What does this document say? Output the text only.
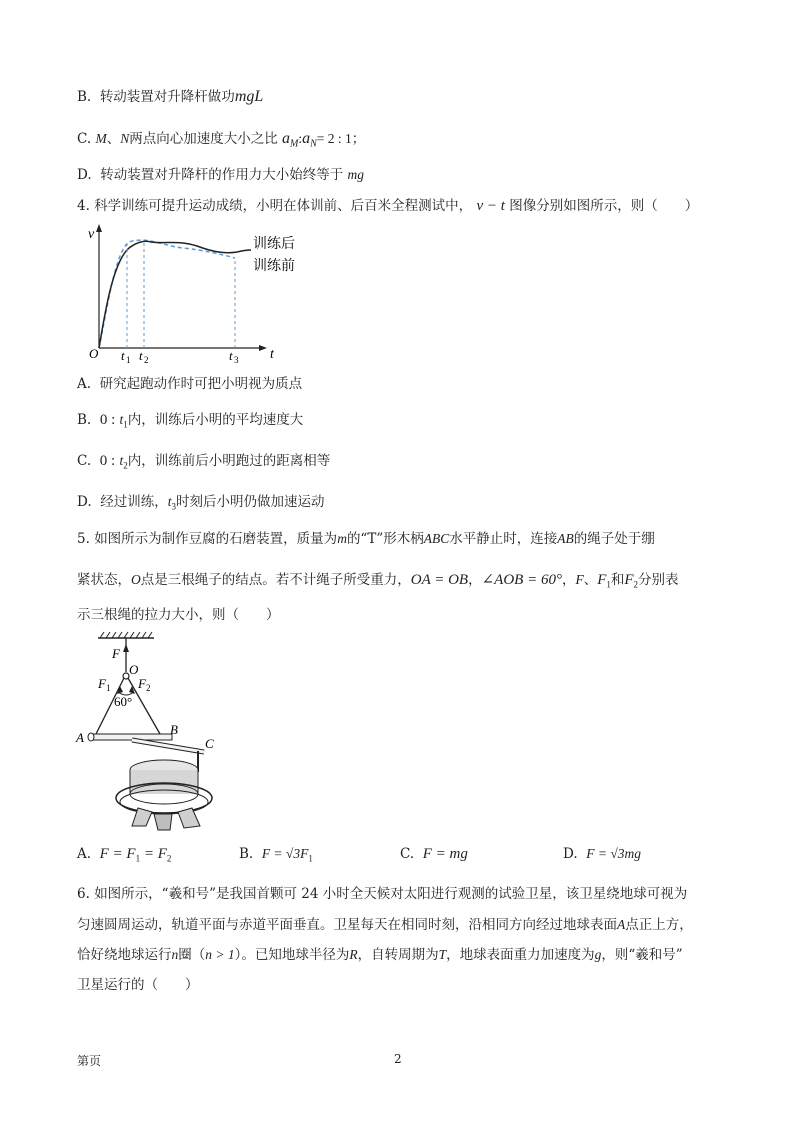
B. 转动装置对升降杆做功mgL
C. M、N两点向心加速度大小之比 $a_M:a_N= 2$ : 1；
D. 转动装置对升降杆的作用力大小始终等于 mg
4. 科学训练可提升运动成绩，小明在体训前、后百米全程测试中， v − t 图像分别如图所示，则（　　）
v
t
O t 1 t 2	t 3
训练后
训练前
A. 研究起跑动作时可把小明视为质点
B. 0 : $t_1$内，训练后小明的平均速度大
C. 0 : $t_2$内，训练前后小明跑过的距离相等
D. 经过训练，$t_3$时刻后小明仍做加速运动
5. 如图所示为制作豆腐的石磨装置，质量为m的“T”形木柄ABC水平静止时，连接AB的绳子处于绷
紧状态，O点是三根绳子的结点。若不计绳子所受重力，OA = OB，∠AOB = 60°，F、$F_1$和$F_2$分别表
示三根绳的拉力大小，则（　　）
F
O
F 1 F 2
60°
A
B
C
A. $F = F_1 = F_2$	B. $F = √3F_1$	C. F = mg	D. F = √3mg
6. 如图所示，“羲和号”是我国首颗可 24 小时全天候对太阳进行观测的试验卫星，该卫星绕地球可视为
匀速圆周运动，轨道平面与赤道平面垂直。卫星每天在相同时刻，沿相同方向经过地球表面A点正上方，
恰好绕地球运行n圈（n > 1）。已知地球半径为R，自转周期为T，地球表面重力加速度为g，则“羲和号”
卫星运行的（　　）
第页	2
